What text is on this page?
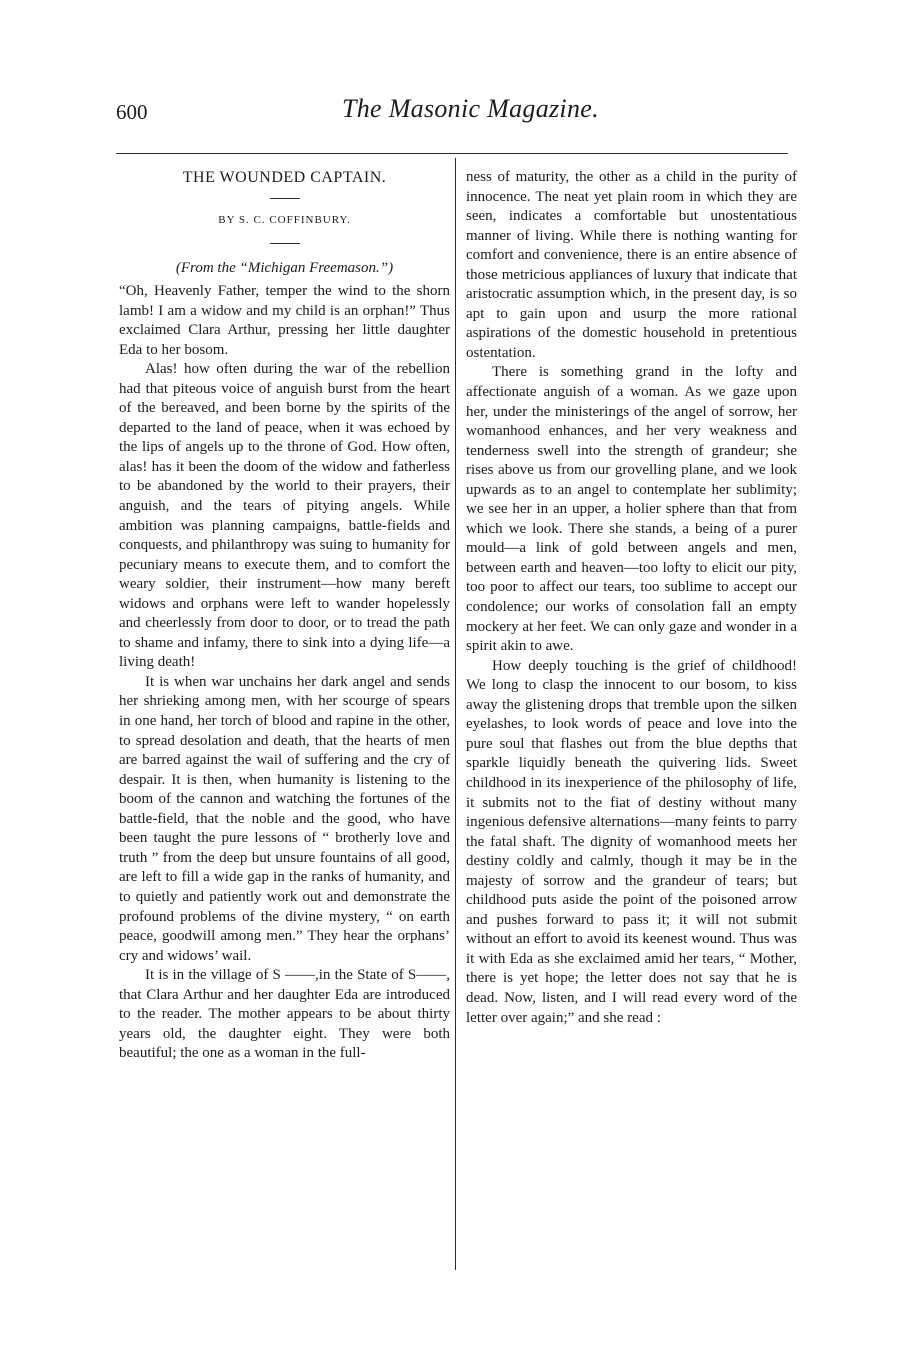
600	The Masonic Magazine.
THE WOUNDED CAPTAIN.
BY S. C. COFFINBURY.
(From the “Michigan Freemason.”)

“Oh, Heavenly Father, temper the wind to the shorn lamb! I am a widow and my child is an orphan!” Thus exclaimed Clara Arthur, pressing her little daughter Eda to her bosom.

Alas! how often during the war of the rebellion had that piteous voice of anguish burst from the heart of the bereaved, and been borne by the spirits of the departed to the land of peace, when it was echoed by the lips of angels up to the throne of God. How often, alas! has it been the doom of the widow and fatherless to be abandoned by the world to their prayers, their anguish, and the tears of pitying angels. While ambition was planning campaigns, battle-fields and conquests, and philanthropy was suing to humanity for pecuniary means to execute them, and to comfort the weary soldier, their instrument—how many bereft widows and orphans were left to wander hopelessly and cheerlessly from door to door, or to tread the path to shame and infamy, there to sink into a dying life—a living death!

It is when war unchains her dark angel and sends her shrieking among men, with her scourge of spears in one hand, her torch of blood and rapine in the other, to spread desolation and death, that the hearts of men are barred against the wail of suffering and the cry of despair. It is then, when humanity is listening to the boom of the cannon and watching the fortunes of the battle-field, that the noble and the good, who have been taught the pure lessons of “ brotherly love and truth ” from the deep but unsure fountains of all good, are left to fill a wide gap in the ranks of humanity, and to quietly and patiently work out and demonstrate the profound problems of the divine mystery, “ on earth peace, goodwill among men.” They hear the orphans’ cry and widows’ wail.

It is in the village of S ——,in the State of S——, that Clara Arthur and her daughter Eda are introduced to the reader. The mother appears to be about thirty years old, the daughter eight. They were both beautiful; the one as a woman in the full-

ness of maturity, the other as a child in the purity of innocence. The neat yet plain room in which they are seen, indicates a comfortable but unostentatious manner of living. While there is nothing wanting for comfort and convenience, there is an entire absence of those metricious appliances of luxury that indicate that aristocratic assumption which, in the present day, is so apt to gain upon and usurp the more rational aspirations of the domestic household in pretentious ostentation.

There is something grand in the lofty and affectionate anguish of a woman. As we gaze upon her, under the ministerings of the angel of sorrow, her womanhood enhances, and her very weakness and tenderness swell into the strength of grandeur; she rises above us from our grovelling plane, and we look upwards as to an angel to contemplate her sublimity; we see her in an upper, a holier sphere than that from which we look. There she stands, a being of a purer mould—a link of gold between angels and men, between earth and heaven—too lofty to elicit our pity, too poor to affect our tears, too sublime to accept our condolence; our works of consolation fall an empty mockery at her feet. We can only gaze and wonder in a spirit akin to awe.

How deeply touching is the grief of childhood! We long to clasp the innocent to our bosom, to kiss away the glistening drops that tremble upon the silken eyelashes, to look words of peace and love into the pure soul that flashes out from the blue depths that sparkle liquidly beneath the quivering lids. Sweet childhood in its inexperience of the philosophy of life, it submits not to the fiat of destiny without many ingenious defensive alternations—many feints to parry the fatal shaft. The dignity of womanhood meets her destiny coldly and calmly, though it may be in the majesty of sorrow and the grandeur of tears; but childhood puts aside the point of the poisoned arrow and pushes forward to pass it; it will not submit without an effort to avoid its keenest wound. Thus was it with Eda as she exclaimed amid her tears, “ Mother, there is yet hope; the letter does not say that he is dead. Now, listen, and I will read every word of the letter over again;” and she read :
